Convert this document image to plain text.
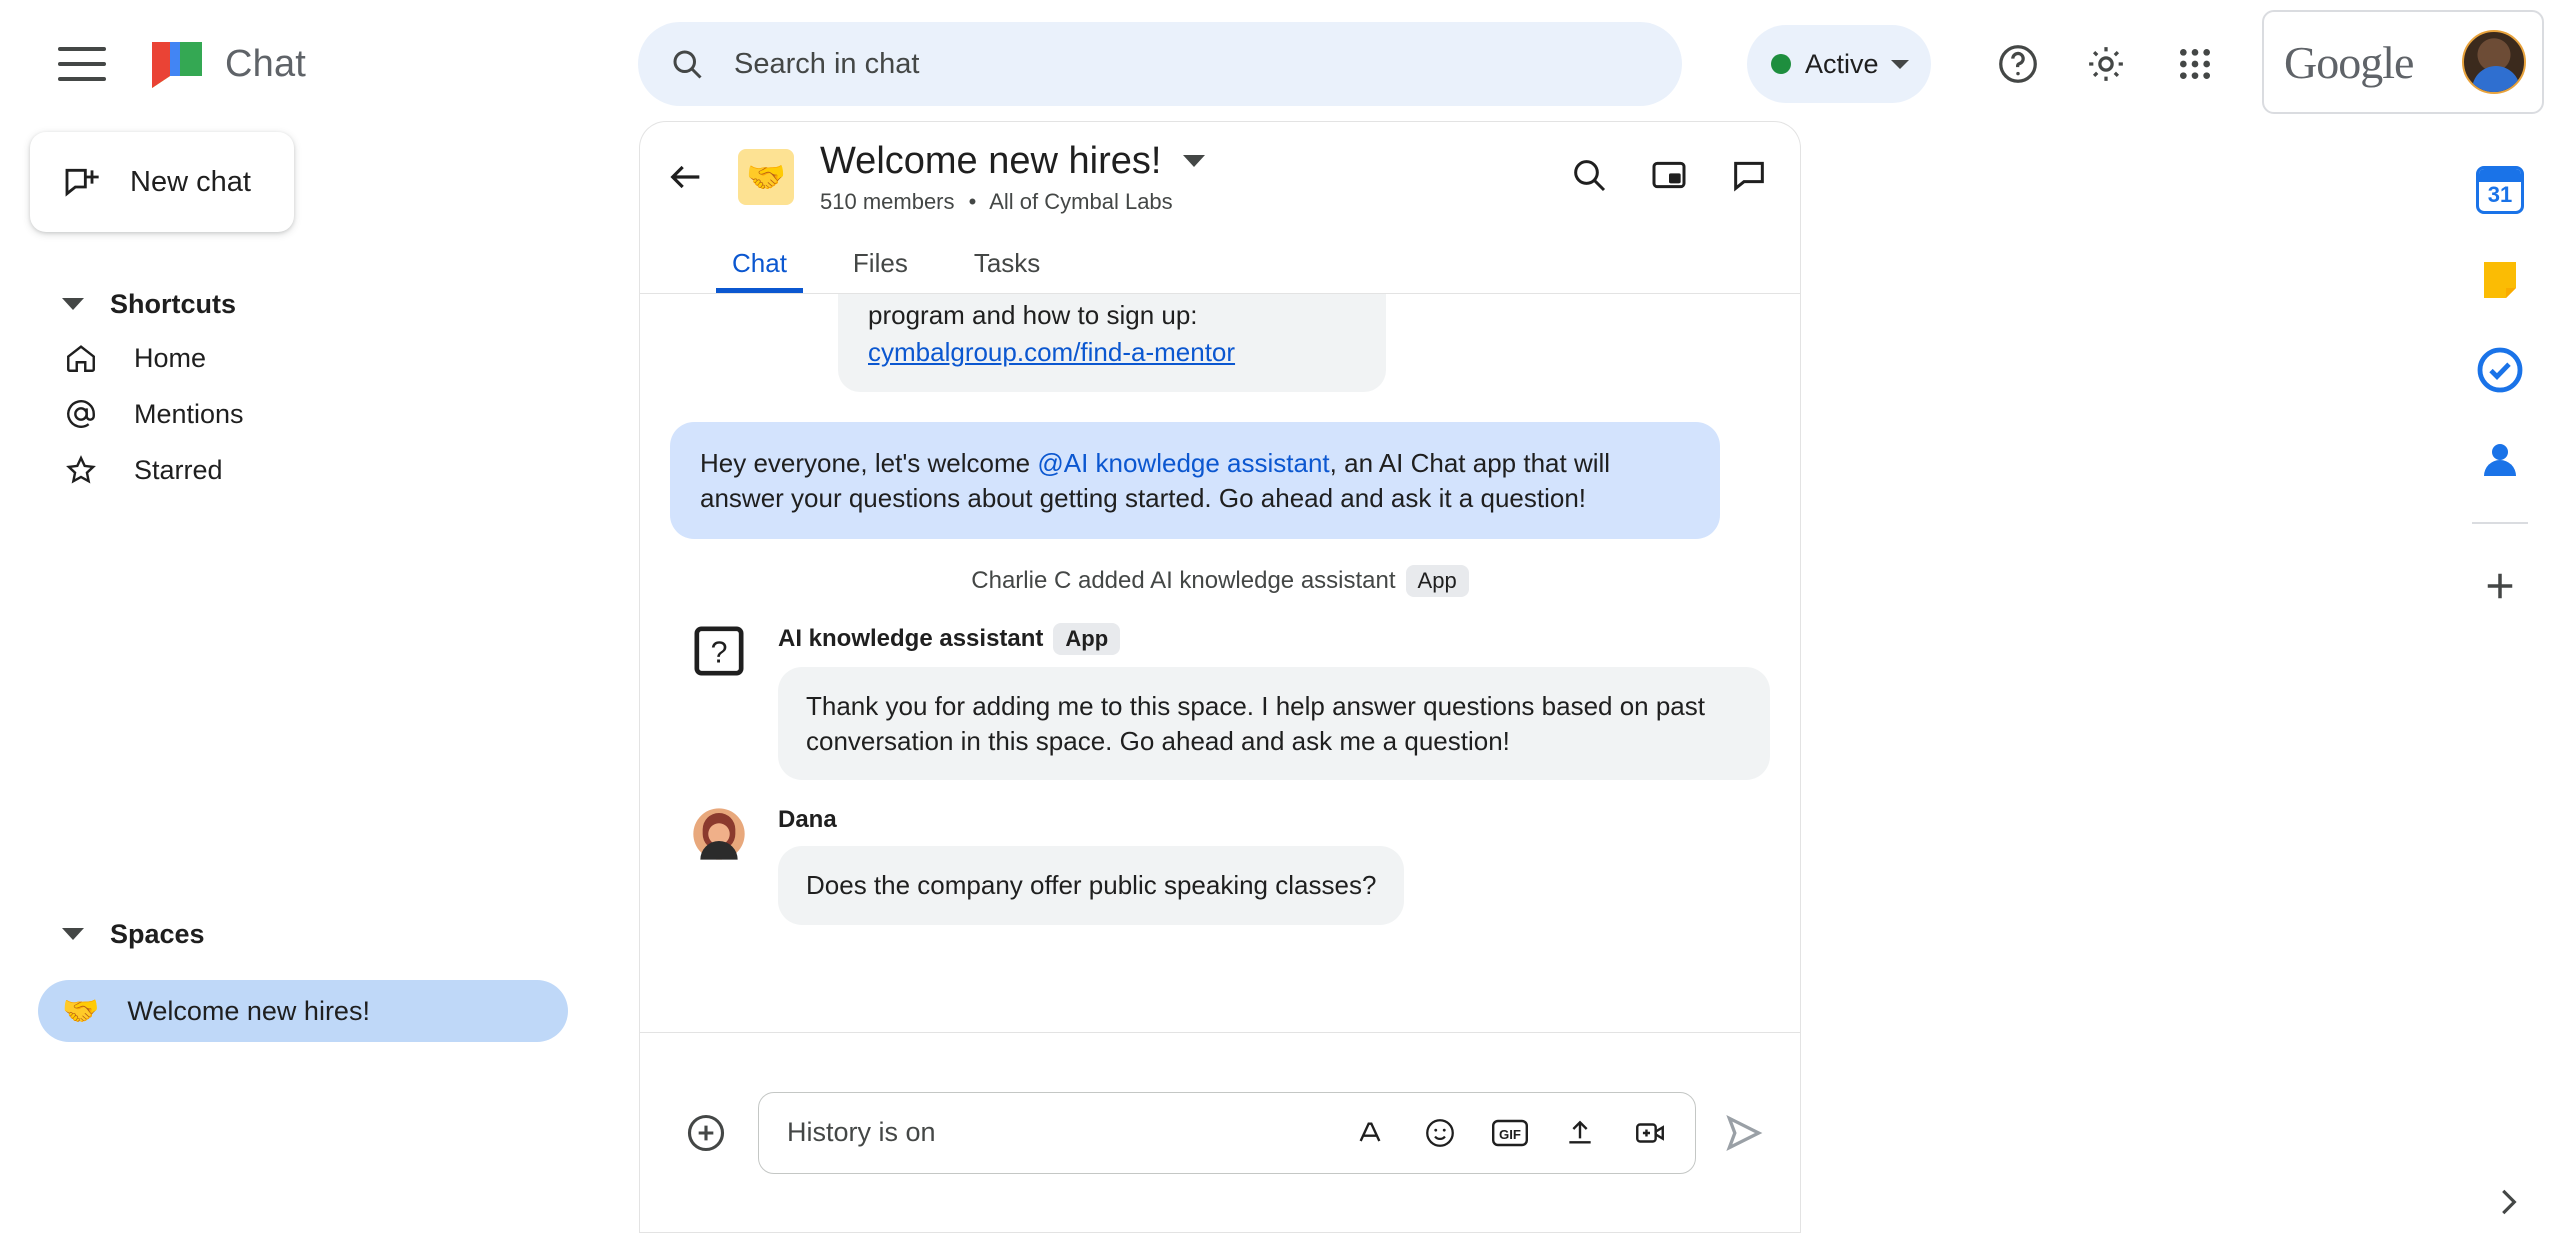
Chat	Search in chat	Active	Google
New chat
Shortcuts
Home
Mentions
Starred
Spaces
🤝 Welcome new hires!
🤝 Welcome new hires!
510 members • All of Cymbal Labs
Chat	Files	Tasks
program and how to sign up:
cymbalgroup.com/find-a-mentor
Hey everyone, let's welcome @AI knowledge assistant, an AI Chat app that will answer your questions about getting started. Go ahead and ask it a question!
Charlie C added AI knowledge assistant App
? AI knowledge assistant	App
Thank you for adding me to this space. I help answer questions based on past conversation in this space. Go ahead and ask me a question!
Dana
Does the company offer public speaking classes?
History is on	GIF
31
